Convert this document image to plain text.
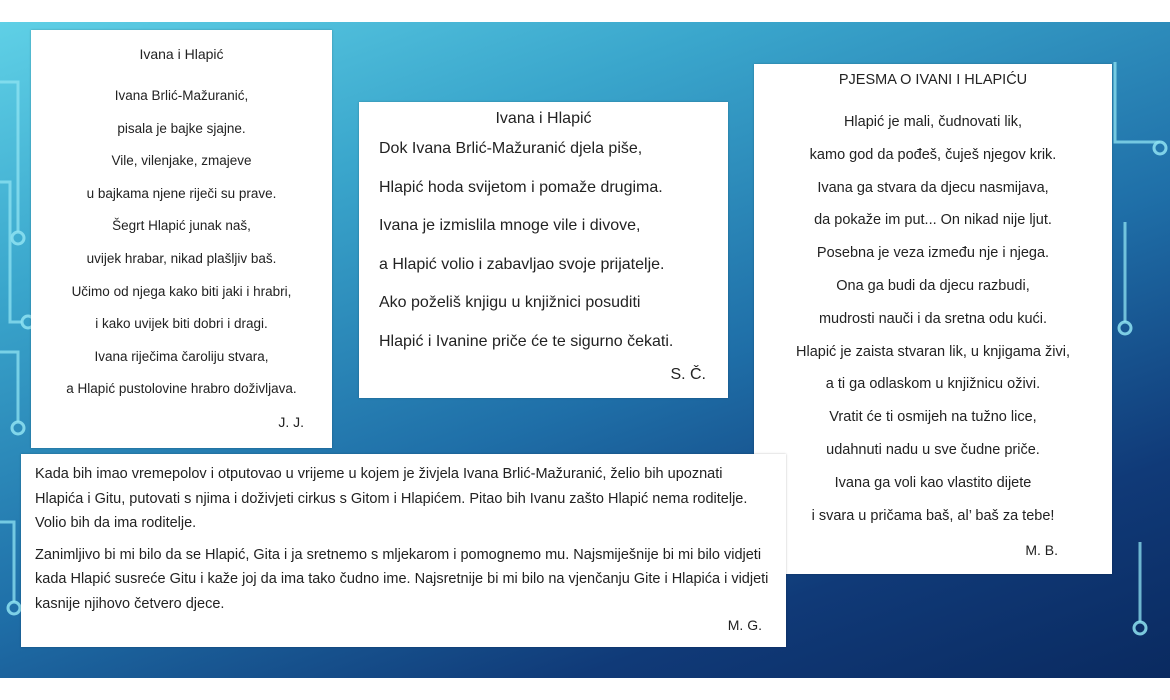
Ivana i Hlapić
Ivana Brlić-Mažuranić,
pisala je bajke sjajne.
Vile, vilenjake, zmajeve
u bajkama njene riječi su prave.
Šegrt Hlapić junak naš,
uvijek hrabar, nikad plašljiv baš.
Učimo od njega kako biti jaki i hrabri,
i kako uvijek biti dobri i dragi.
Ivana riječima čaroliju stvara,
a Hlapić pustolovine hrabro doživljava.
J. J.
Ivana i Hlapić
Dok Ivana Brlić-Mažuranić djela piše,
Hlapić hoda svijetom i pomaže drugima.
Ivana je izmislila mnoge vile i divove,
a Hlapić volio i zabavljao svoje prijatelje.
Ako poželiš knjigu u knjižnici posuditi
Hlapić i Ivanine priče će te sigurno čekati.
S. Č.
PJESMA O IVANI I HLAPIĆU
Hlapić je mali, čudnovati lik,
kamo god da pođeš, čuješ njegov krik.
Ivana ga stvara da djecu nasmijava,
da pokaže im put... On nikad nije ljut.
Posebna je veza između nje i njega.
Ona ga budi da djecu razbudi,
mudrosti nauči i da sretna odu kući.
Hlapić je zaista stvaran lik, u knjigama živi,
a ti ga odlaskom u knjižnicu oživi.
Vratit će ti osmijeh na tužno lice,
udahnuti nadu u sve čudne priče.
Ivana ga voli kao vlastito dijete
i svara u pričama baš, al’ baš za tebe!
M. B.

Kada bih imao vremepolov i otputovao u vrijeme u kojem je živjela Ivana Brlić-Mažuranić, želio bih upoznati Hlapića i Gitu, putovati s njima i doživjeti cirkus s Gitom i Hlapićem. Pitao bih Ivanu zašto Hlapić nema roditelje. Volio bih da ima roditelje.

Zanimljivo bi mi bilo da se Hlapić, Gita i ja sretnemo s mljekarom i pomognemo mu. Najsmiješnije bi mi bilo vidjeti kada Hlapić susreće Gitu i kaže joj da ima tako čudno ime. Najsretnije bi mi bilo na vjenčanju Gite i Hlapića i vidjeti kasnije njihovo četvero djece.

M. G.
